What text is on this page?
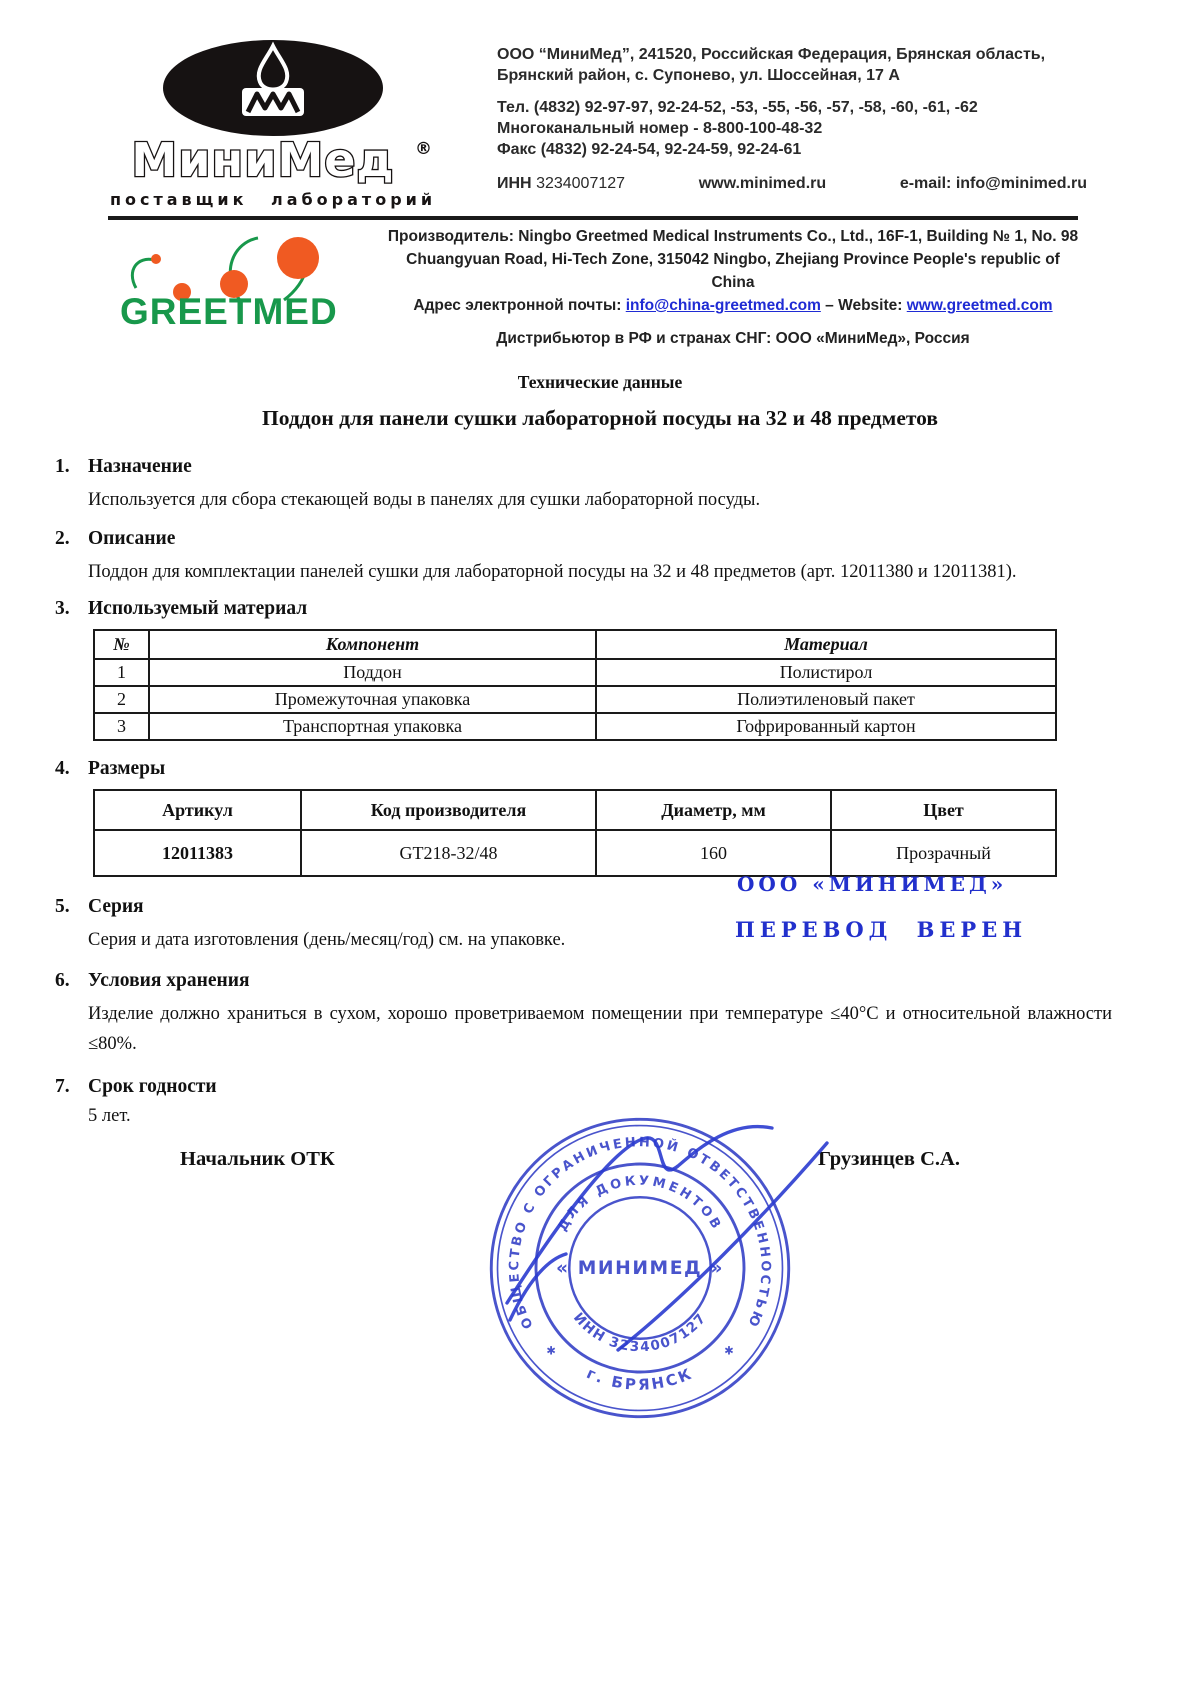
МиниМед ®
поставщик лабораторий
ООО “МиниМед”, 241520, Российская Федерация, Брянская область,
Брянский район, с. Супонево, ул. Шоссейная, 17 А
Тел. (4832) 92-97-97, 92-24-52, -53, -55, -56, -57, -58, -60, -61, -62
Многоканальный номер - 8-800-100-48-32
Факс (4832) 92-24-54, 92-24-59, 92-24-61
ИНН 3234007127	www.minimed.ru	e-mail: info@minimed.ru
GREETMED
Производитель: Ningbo Greetmed Medical Instruments Co., Ltd., 16F-1, Building № 1, No. 98
Chuangyuan Road, Hi-Tech Zone, 315042 Ningbo, Zhejiang Province People's republic of China
Адрес электронной почты: info@china-greetmed.com – Website: www.greetmed.com
Дистрибьютор в РФ и странах СНГ: ООО «МиниМед», Россия
Технические данные
Поддон для панели сушки лабораторной посуды на 32 и 48 предметов
1. Назначение
Используется для сбора стекающей воды в панелях для сушки лабораторной посуды.
2. Описание
Поддон для комплектации панелей сушки для лабораторной посуды на 32 и 48 предметов (арт. 12011380 и 12011381).
3. Используемый материал
№	Компонент	Материал
1	Поддон	Полистирол
2	Промежуточная упаковка	Полиэтиленовый пакет
3	Транспортная упаковка	Гофрированный картон
4. Размеры
Артикул	Код производителя	Диаметр, мм	Цвет
12011383	GT218-32/48	160	Прозрачный
5. Серия
Серия и дата изготовления (день/месяц/год) см. на упаковке.
6. Условия хранения
Изделие должно храниться в сухом, хорошо проветриваемом помещении при температуре ≤40°С и относительной влажности ≤80%.
7. Срок годности
5 лет.
ООО «МИНИМЕД»
ПЕРЕВОД ВЕРЕН
Начальник ОТК	Грузинцев С.А.
ОБЩЕСТВО С ОГРАНИЧЕННОЙ ОТВЕТСТВЕННОСТЬЮ
г. БРЯНСК
ДЛЯ ДОКУМЕНТОВ
ИНН 3234007127
« МИНИМЕД »
✱	✱
